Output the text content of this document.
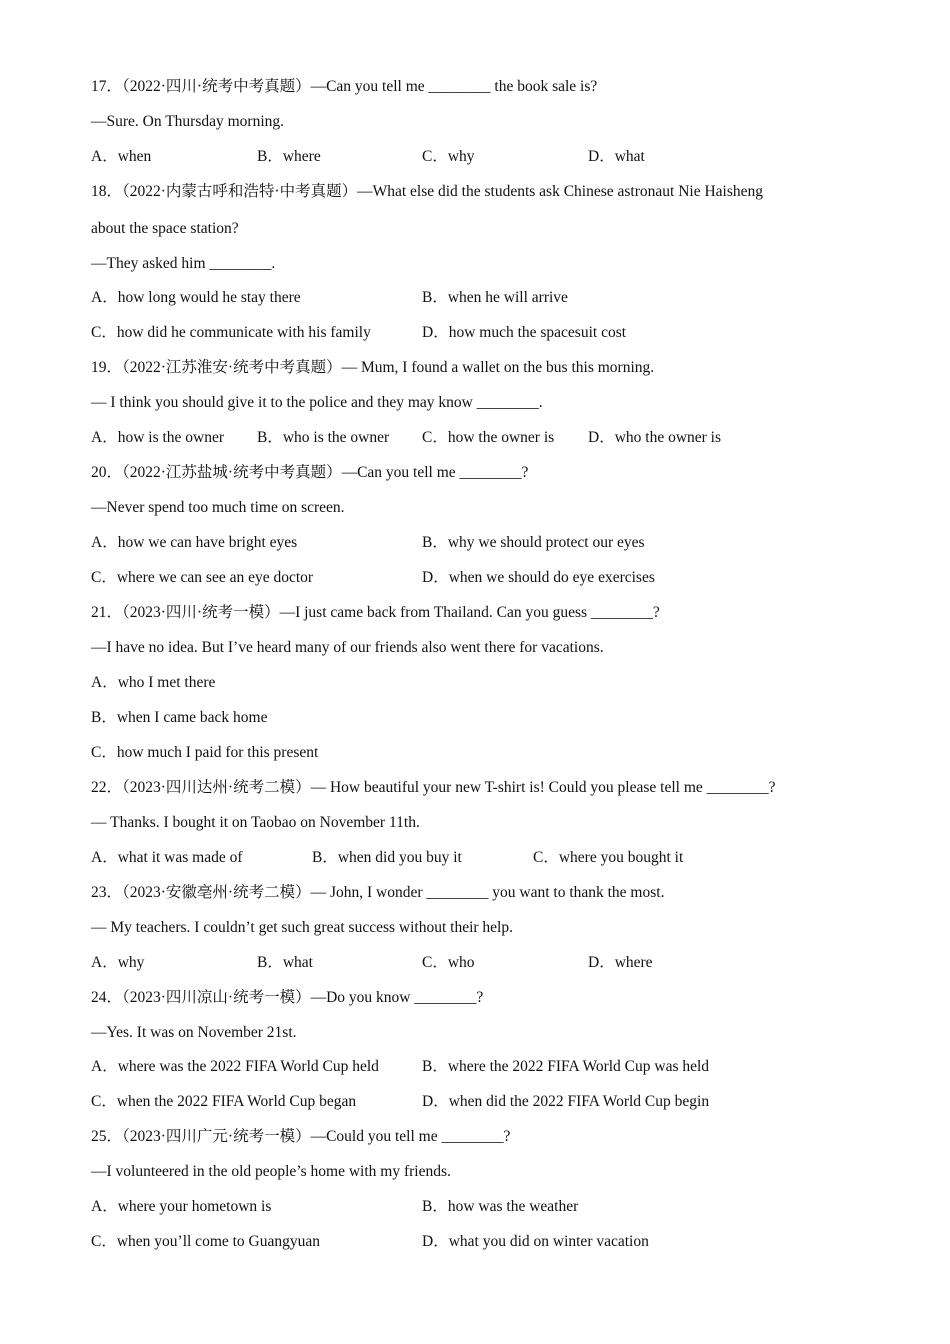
17．（2022·四川·统考中考真题）—Can you tell me ________ the book sale is?
—Sure. On Thursday morning.
A．when	B．where	C．why	D．what
18．（2022·内蒙古呼和浩特·中考真题）—What else did the students ask Chinese astronaut Nie Haisheng
about the space station?
—They asked him ________.
A．how long would he stay there	B．when he will arrive
C．how did he communicate with his family	D．how much the spacesuit cost
19．（2022·江苏淮安·统考中考真题）— Mum, I found a wallet on the bus this morning.
— I think you should give it to the police and they may know ________.
A．how is the owner B．who is the owner C．how the owner is D．who the owner is
20．（2022·江苏盐城·统考中考真题）—Can you tell me ________?
—Never spend too much time on screen.
A．how we can have bright eyes	B．why we should protect our eyes
C．where we can see an eye doctor	D．when we should do eye exercises
21．（2023·四川·统考一模）—I just came back from Thailand. Can you guess ________?
—I have no idea. But I’ve heard many of our friends also went there for vacations.
A．who I met there
B．when I came back home
C．how much I paid for this present
22．（2023·四川达州·统考二模）— How beautiful your new T-shirt is! Could you please tell me ________?
— Thanks. I bought it on Taobao on November 11th.
A．what it was made of	B．when did you buy it	C．where you bought it
23．（2023·安徽亳州·统考二模）— John, I wonder ________ you want to thank the most.
— My teachers. I couldn’t get such great success without their help.
A．why	B．what	C．who	D．where
24．（2023·四川凉山·统考一模）—Do you know ________?
—Yes. It was on November 21st.
A．where was the 2022 FIFA World Cup held	B．where the 2022 FIFA World Cup was held
C．when the 2022 FIFA World Cup began	D．when did the 2022 FIFA World Cup begin
25．（2023·四川广元·统考一模）—Could you tell me ________?
—I volunteered in the old people’s home with my friends.
A．where your hometown is	B．how was the weather
C．when you’ll come to Guangyuan	D．what you did on winter vacation
